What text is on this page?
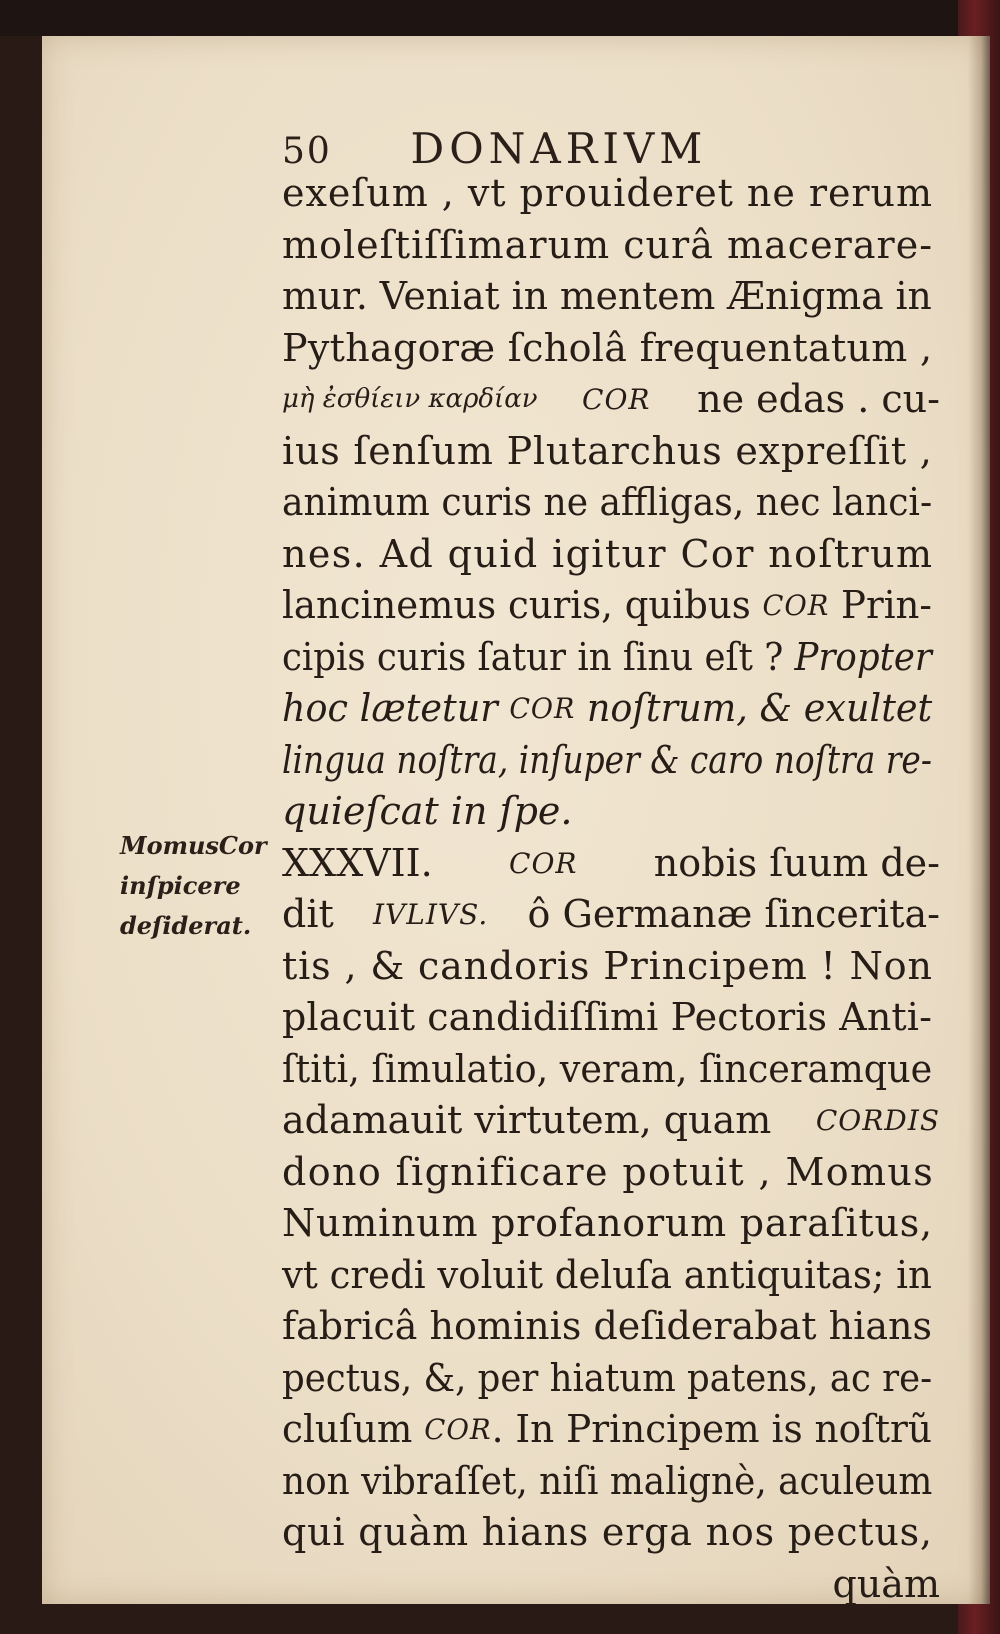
50 DONARIVM
MomusCor
inſpicere
deſiderat.
exeſum , vt prouideret ne rerum
moleſtiſſimarum curâ macerare-
mur. Veniat in mentem Ænigma in
Pythagoræ ſcholâ frequentatum ,
μὴ ἐσθίειν καρδίαν COR ne edas . cu-
ius ſenſum Plutarchus expreſſit ,
animum curis ne affligas, nec lanci-
nes. Ad quid igitur Cor noſtrum
lancinemus curis, quibus COR Prin-
cipis curis ſatur in ſinu eſt ? Propter
hoc lætetur COR noſtrum, & exultet
lingua noſtra, inſuper & caro noſtra re-
quieſcat in ſpe.
XXXVII. COR nobis ſuum de-
dit IVLIVS. ô Germanæ ſincerita-
tis , & candoris Principem ! Non
placuit candidiſſimi Pectoris Anti-
ſtiti, ſimulatio, veram, ſinceramque
adamauit virtutem, quam CORDIS
dono ſignificare potuit , Momus
Numinum profanorum paraſitus,
vt credi voluit deluſa antiquitas; in
fabricâ hominis deſiderabat hians
pectus, &, per hiatum patens, ac re-
cluſum COR . In Principem is noſtrũ
non vibraſſet, niſi malignè, aculeum
qui quàm hians erga nos pectus,
quàm
